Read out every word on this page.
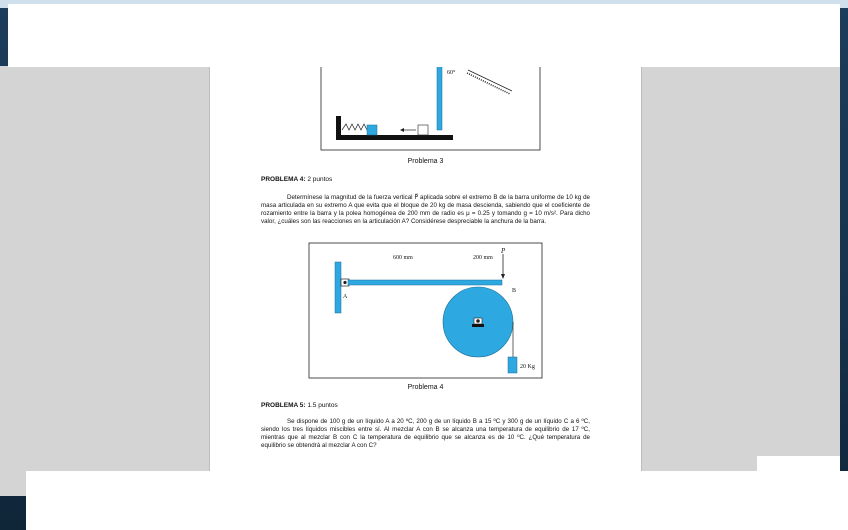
60°
Problema 3
PROBLEMA 4: 2 puntos
Determínese la magnitud de la fuerza vertical P⃗ aplicada sobre el extremo B de la barra uniforme de 10 kg de masa articulada en su extremo A que evita que el bloque de 20 kg de masa descienda, sabiendo que el coeficiente de rozamiento entre la barra y la polea homogénea de 200 mm de radio es μ = 0.25 y tomando g = 10 m/s². Para dicho valor, ¿cuáles son las reacciones en la articulación A? Considérese despreciable la anchura de la barra.
A
600 mm	200 mm
P⃗
B
20 Kg
Problema 4
PROBLEMA 5: 1.5 puntos
Se dispone de 100 g de un líquido A a 20 ºC, 200 g de un líquido B a 15 ºC y 300 g de un líquido C a 6 ºC, siendo los tres líquidos miscibles entre sí. Al mezclar A con B se alcanza una temperatura de equilibrio de 17 ºC, mientras que al mezclar B con C la temperatura de equilibrio que se alcanza es de 10 ºC. ¿Qué temperatura de equilibrio se obtendrá al mezclar A con C?
